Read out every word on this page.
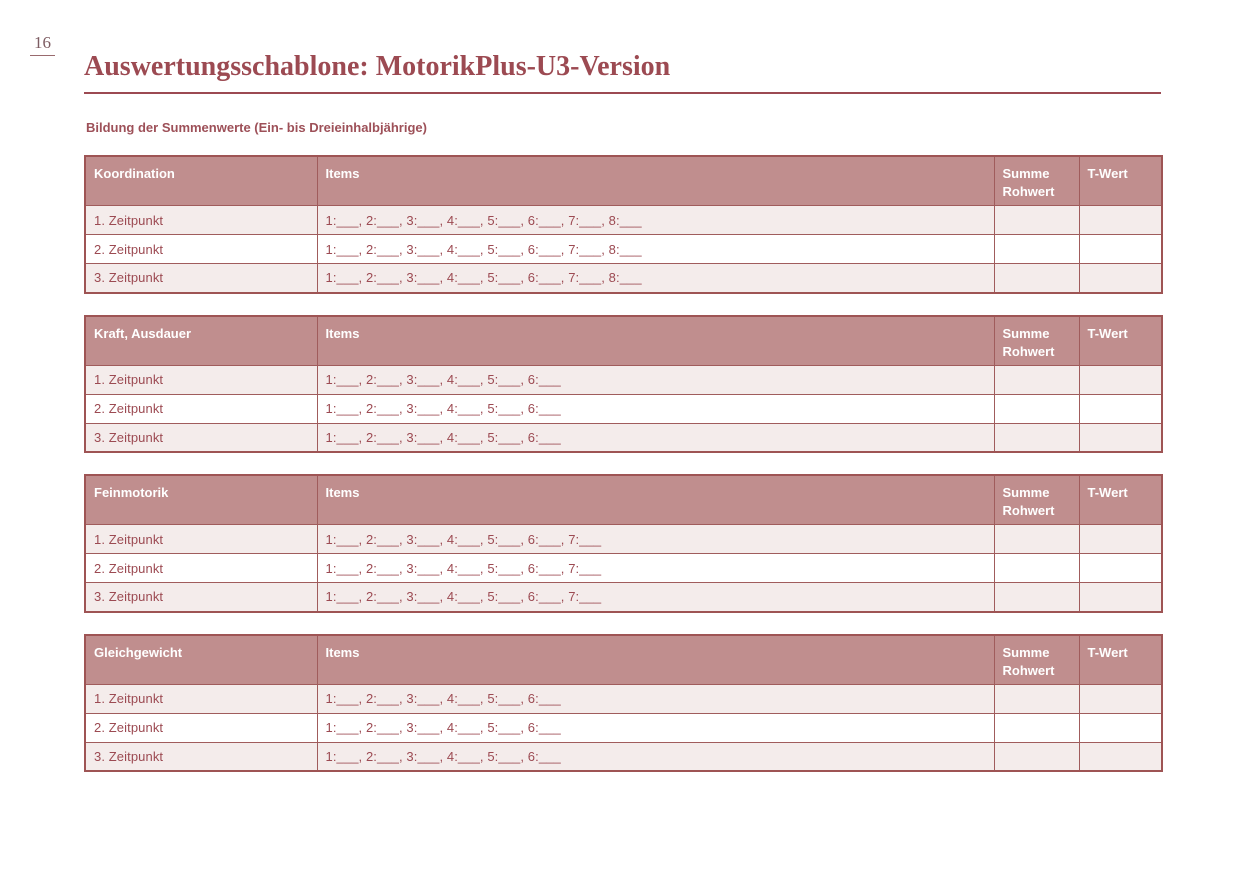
16
Auswertungsschablone: MotorikPlus-U3-Version
Bildung der Summenwerte (Ein- bis Dreieinhalbjährige)
Koordination	Items	Summe Rohwert	T-Wert
1. Zeitpunkt	1:___, 2:___, 3:___, 4:___, 5:___, 6:___, 7:___, 8:___		
2. Zeitpunkt	1:___, 2:___, 3:___, 4:___, 5:___, 6:___, 7:___, 8:___		
3. Zeitpunkt	1:___, 2:___, 3:___, 4:___, 5:___, 6:___, 7:___, 8:___		
Kraft, Ausdauer	Items	Summe Rohwert	T-Wert
1. Zeitpunkt	1:___, 2:___, 3:___, 4:___, 5:___, 6:___		
2. Zeitpunkt	1:___, 2:___, 3:___, 4:___, 5:___, 6:___		
3. Zeitpunkt	1:___, 2:___, 3:___, 4:___, 5:___, 6:___		
Feinmotorik	Items	Summe Rohwert	T-Wert
1. Zeitpunkt	1:___, 2:___, 3:___, 4:___, 5:___, 6:___, 7:___		
2. Zeitpunkt	1:___, 2:___, 3:___, 4:___, 5:___, 6:___, 7:___		
3. Zeitpunkt	1:___, 2:___, 3:___, 4:___, 5:___, 6:___, 7:___		
Gleichgewicht	Items	Summe Rohwert	T-Wert
1. Zeitpunkt	1:___, 2:___, 3:___, 4:___, 5:___, 6:___		
2. Zeitpunkt	1:___, 2:___, 3:___, 4:___, 5:___, 6:___		
3. Zeitpunkt	1:___, 2:___, 3:___, 4:___, 5:___, 6:___		
